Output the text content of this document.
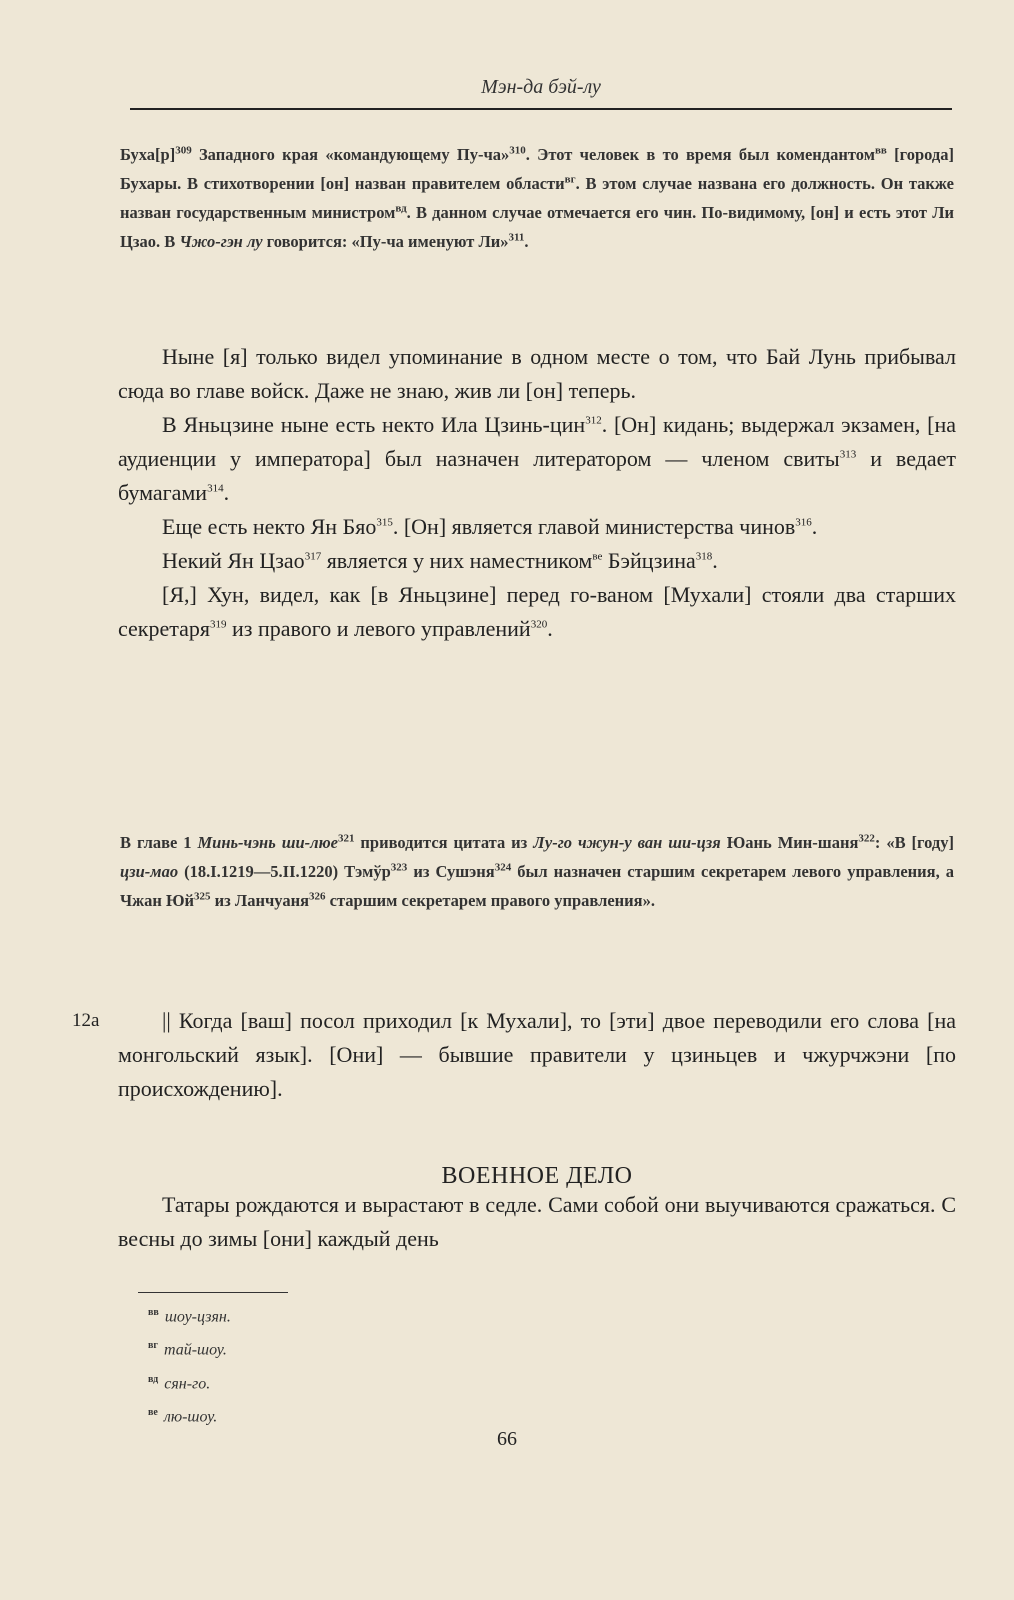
Мэн-да бэй-лу
$Буха[р]^{309}$ Западного края «командующему Пу-ча»$^{310}$. Этот человек в то время был комендантом$^{вв}$ [города] Бухары. В стихотворении [он] назван правителем области$^{вг}$. В этом случае названа его должность. Он также назван государственным министром$^{вд}$. В данном случае отмечается его чин. По-видимому, [он] и есть этот Ли Цзао. В Чжо-гэн лу говорится: «Пу-ча именуют Ли»$^{311}$.

Ныне [я] только видел упоминание в одном месте о том, что Бай Лунь прибывал сюда во главе войск. Даже не знаю, жив ли [он] теперь.

В Яньцзине ныне есть некто Ила Цзинь-цин$^{312}$. [Он] кидань; выдержал экзамен, [на аудиенции у императора] был назначен литератором — членом свиты$^{313}$ и ведает бумагами$^{314}$.

Еще есть некто Ян Бяо$^{315}$. [Он] является главой министерства чинов$^{316}$.

Некий Ян Цзао$^{317}$ является у них наместником$^{ве}$ Бэйцзина$^{318}$.

[Я,] Хун, видел, как [в Яньцзине] перед го-ваном [Мухали] стояли два старших секретаря$^{319}$ из правого и левого управлений$^{320}$.

В главе 1 Минь-чэнь ши-люе$^{321}$ приводится цитата из Лу-го чжун-у ван ши-цзя Юань Мин-шаня$^{322}$: «В [году] цзи-мао (18.I.1219—5.II.1220) Тэмўр$^{323}$ из Сушэня$^{324}$ был назначен старшим секретарем левого управления, а Чжан $Юй^{325}$ из Ланчуаня$^{326}$ старшим секретарем правого управления».
12а	|| Когда [ваш] посол приходил [к Мухали], то [эти] двое переводили его слова [на монгольский язык]. [Они] — бывшие правители у цзиньцев и чжурчжэни [по происхождению].

ВОЕННОЕ ДЕЛО

Татары рождаются и вырастают в седле. Сами собой они выучиваются сражаться. С весны до зимы [они] каждый день

$^{вв}$ шоу-цзян.
$^{вг}$ тай-шоу.
$^{вд}$ сян-го.
$^{ве}$ лю-шоу.
66
